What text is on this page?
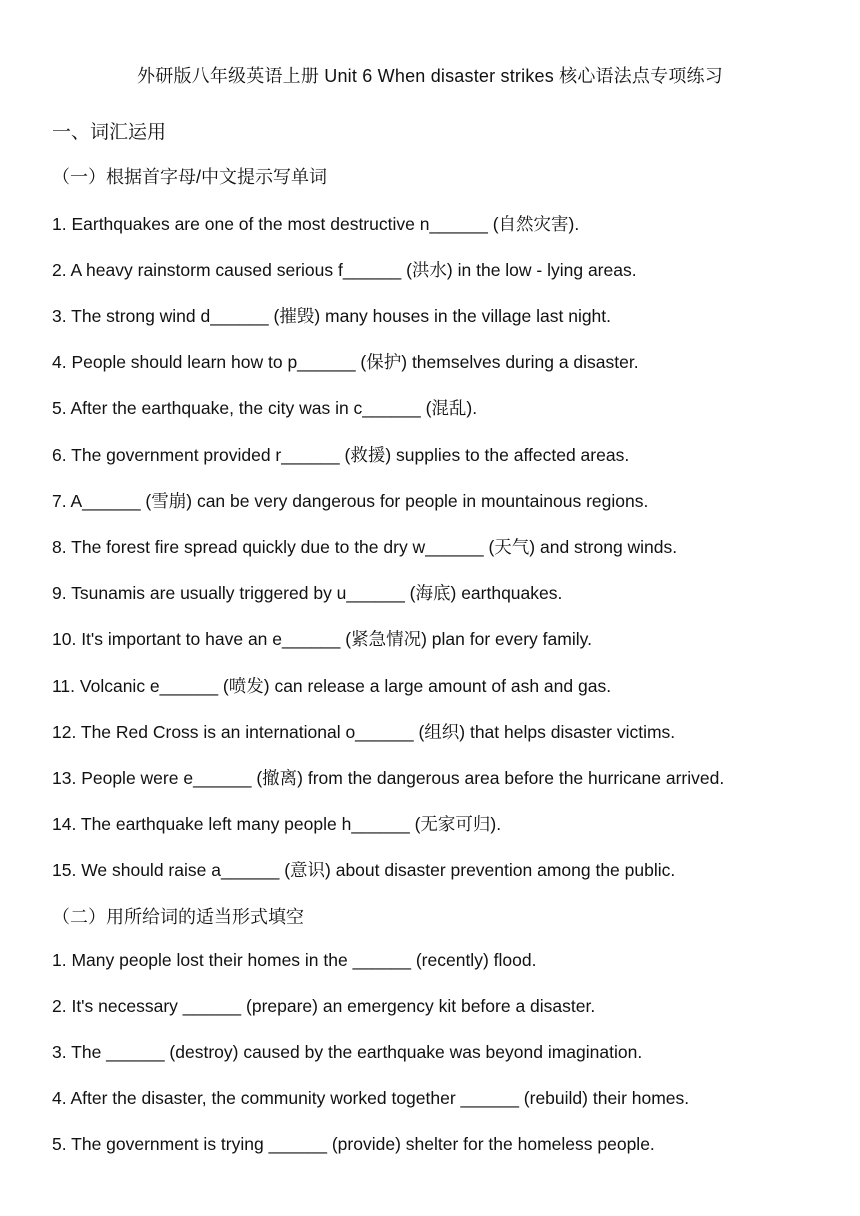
外研版八年级英语上册 Unit 6 When disaster strikes 核心语法点专项练习
一、词汇运用
（一）根据首字母/中文提示写单词
1. Earthquakes are one of the most destructive n______ (自然灾害).
2. A heavy rainstorm caused serious f______ (洪水) in the low - lying areas.
3. The strong wind d______ (摧毁) many houses in the village last night.
4. People should learn how to p______ (保护) themselves during a disaster.
5. After the earthquake, the city was in c______ (混乱).
6. The government provided r______ (救援) supplies to the affected areas.
7. A______ (雪崩) can be very dangerous for people in mountainous regions.
8. The forest fire spread quickly due to the dry w______ (天气) and strong winds.
9. Tsunamis are usually triggered by u______ (海底) earthquakes.
10. It's important to have an e______ (紧急情况) plan for every family.
11. Volcanic e______ (喷发) can release a large amount of ash and gas.
12. The Red Cross is an international o______ (组织) that helps disaster victims.
13. People were e______ (撤离) from the dangerous area before the hurricane arrived.
14. The earthquake left many people h______ (无家可归).
15. We should raise a______ (意识) about disaster prevention among the public.
（二）用所给词的适当形式填空
1. Many people lost their homes in the ______ (recently) flood.
2. It's necessary ______ (prepare) an emergency kit before a disaster.
3. The ______ (destroy) caused by the earthquake was beyond imagination.
4. After the disaster, the community worked together ______ (rebuild) their homes.
5. The government is trying ______ (provide) shelter for the homeless people.
